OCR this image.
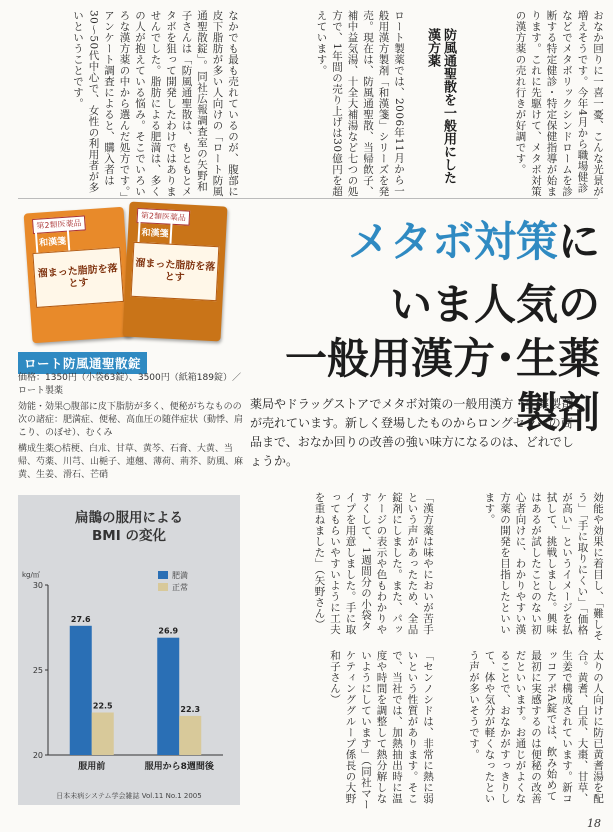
おなか回りに一喜一憂、こんな光景が増えそうです。今年4月から職場健診などでメタボリックシンドロームを診断する特定健診・特定保健指導が始まります。これに先駆けて、メタボ対策の漢方薬の売れ行きが好調です。
防風通聖散を一般用にした漢方薬
ロート製薬では、2006年11月から一般用漢方製剤「和漢箋」シリーズを発売。現在は、防風通聖散、当帰飲子、補中益気湯、十全大補湯など七つの処方で、1年間の売り上げは30億円を超えています。
なかでも最も売れているのが、腹部に皮下脂肪が多い人向けの「ロート防風通聖散錠」。同社広報調査室の矢野和子さんは「防風通聖散は、もともとメタボを狙って開発したわけではありませんでした。脂肪による肥満は、多くの人が抱えている悩み。そこでいろいろな漢方薬の中から選んだ処方です。」アンケート調査によると、購入者は30〜50代中心で、女性の利用者が多いということです。
第2類医薬品
和漢箋
溜まった脂肪を落とす
第2類医薬品
和漢箋
溜まった脂肪を落とす
メタボ対策に
いま人気の
一般用漢方･生薬製剤
薬局やドラッグストアでメタボ対策の一般用漢方・生薬製剤が売れています。新しく登場したものからロングセラーの商品まで、おなか回りの改善の強い味方になるのは、どれでしょうか。
ロート防風通聖散錠

価格：1350円（小袋63錠）、3500円（紙箱189錠）／ロート製薬

効能・効果○腹部に皮下脂肪が多く、便秘がちなものの次の諸症：肥満症、便秘、高血圧の随伴症状（動悸、肩こり、のぼせ）、むくみ

構成生薬○桔梗、白朮、甘草、黄芩、石膏、大黄、当帰、芍薬、川芎、山梔子、連翹、薄荷、荊芥、防風、麻黄、生姜、滑石、芒硝

効能や効果に着目し、「難しそう」「手に取りにくい」「価格が高い」というイメージを払拭して、挑戦しました。興味はあるが試したことのない初心者向けに、わかりやすい漢方薬の開発を目指したといいます。
「漢方薬は味やにおいが苦手という声があったため、全品錠剤にしました。また、パッケージの表示や色もわかりやすくして、1週間分の小袋タイプを用意しました。手に取ってもらいやすいように工夫を重ねました」（矢野さん）
太りの人向けに防已黄耆湯を配合。黄耆、白朮、大棗、甘草、生姜で構成されています。新コッコアポA錠では、飲み始めて最初に実感するのは便秘の改善だといいます。お通じがよくなることで、おなかがすっきりして、体や気分が軽くなったという声が多いそうです。
「センノシドは、非常に熱に弱いという性質があります。そこで、当社では、加熱抽出時に温度や時間を調整して熱分解しないようにしています」（同社マーケティンググループ係長の大野和子さん）
扁鵲の服用による
BMI の変化
kg/㎡
20
25
30
肥満
正常
27.6
22.5
服用前
26.9
22.3
服用から8週間後
日本未病システム学会雑誌 Vol.11 No.1 2005
18
